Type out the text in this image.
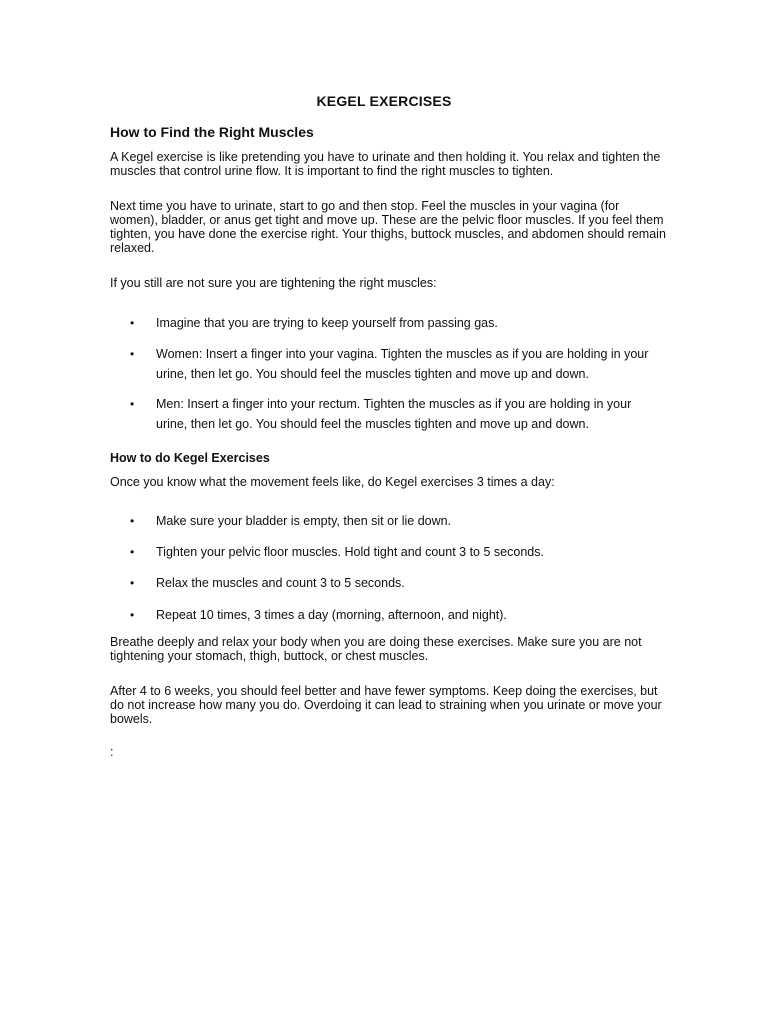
KEGEL EXERCISES
How to Find the Right Muscles
A Kegel exercise is like pretending you have to urinate and then holding it. You relax and tighten the muscles that control urine flow. It is important to find the right muscles to tighten.
Next time you have to urinate, start to go and then stop. Feel the muscles in your vagina (for women), bladder, or anus get tight and move up. These are the pelvic floor muscles. If you feel them tighten, you have done the exercise right. Your thighs, buttock muscles, and abdomen should remain relaxed.
If you still are not sure you are tightening the right muscles:
•	Imagine that you are trying to keep yourself from passing gas.
•	Women: Insert a finger into your vagina. Tighten the muscles as if you are holding in your urine, then let go. You should feel the muscles tighten and move up and down.
•	Men: Insert a finger into your rectum. Tighten the muscles as if you are holding in your urine, then let go. You should feel the muscles tighten and move up and down.
How to do Kegel Exercises
Once you know what the movement feels like, do Kegel exercises 3 times a day:
•	Make sure your bladder is empty, then sit or lie down.
•	Tighten your pelvic floor muscles. Hold tight and count 3 to 5 seconds.
•	Relax the muscles and count 3 to 5 seconds.
•	Repeat 10 times, 3 times a day (morning, afternoon, and night).
Breathe deeply and relax your body when you are doing these exercises. Make sure you are not tightening your stomach, thigh, buttock, or chest muscles.
After 4 to 6 weeks, you should feel better and have fewer symptoms. Keep doing the exercises, but do not increase how many you do. Overdoing it can lead to straining when you urinate or move your bowels.
:
